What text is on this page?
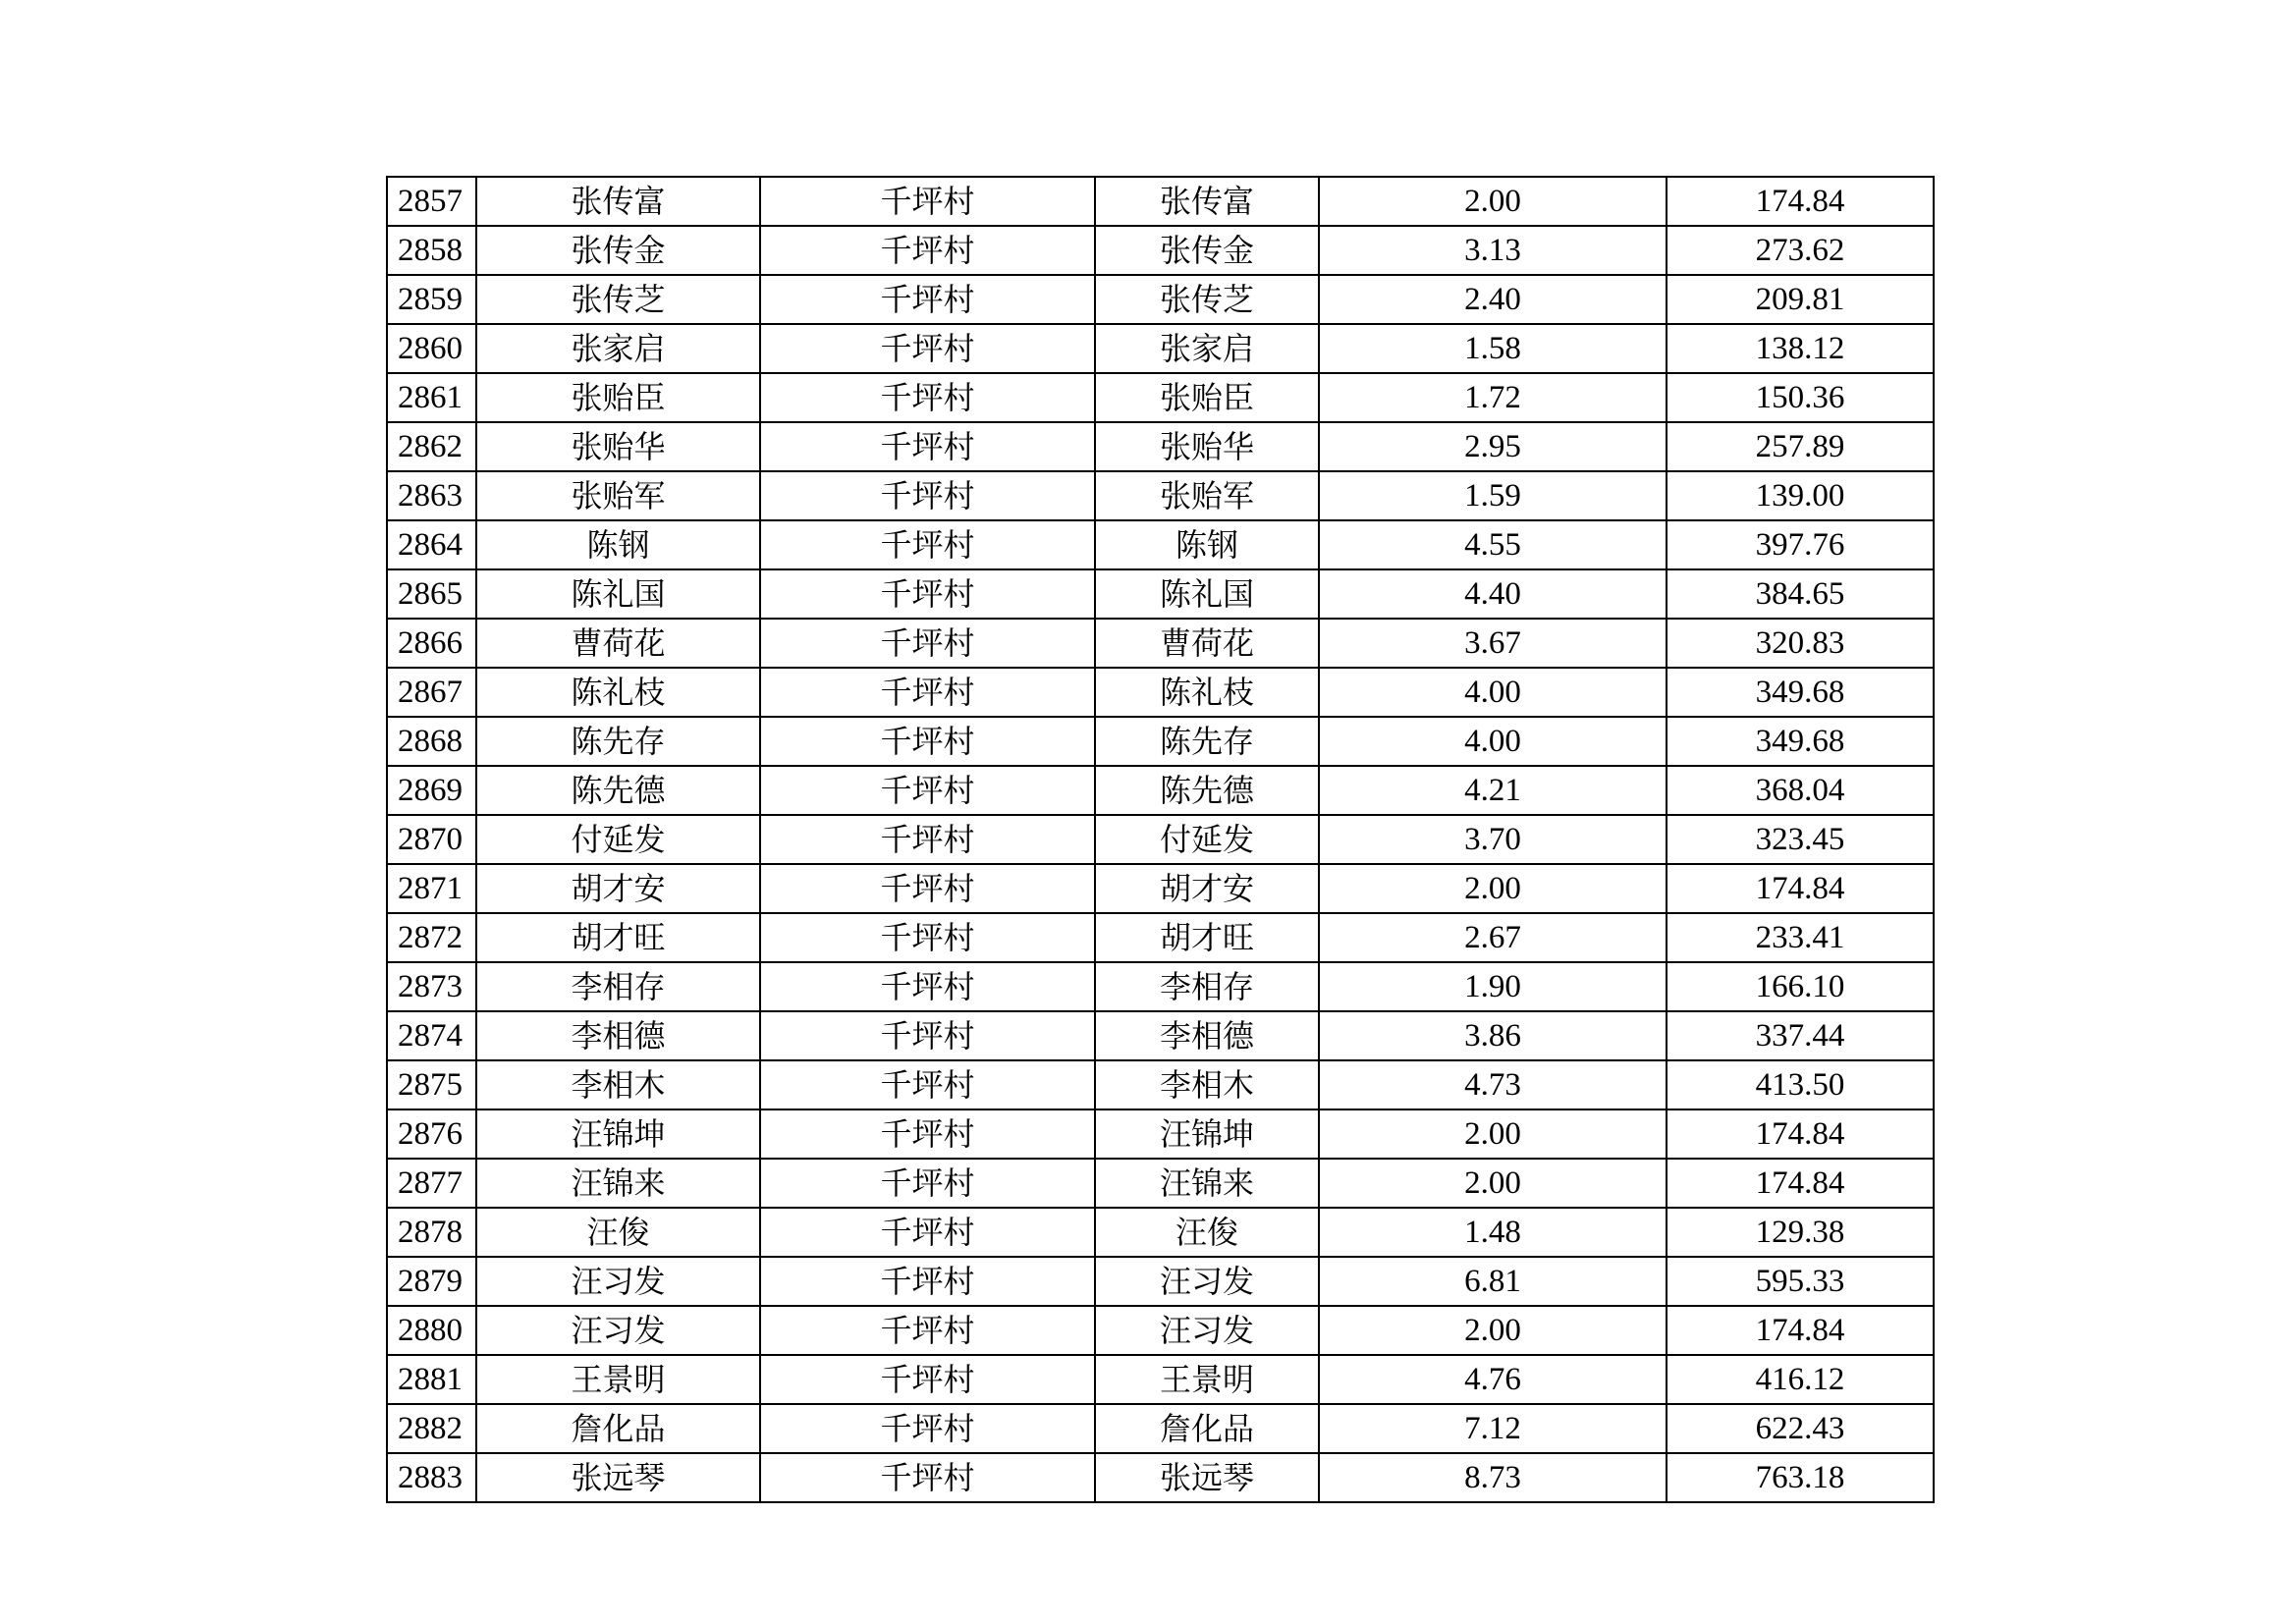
2857	张传富	千坪村	张传富	2.00	174.84
2858	张传金	千坪村	张传金	3.13	273.62
2859	张传芝	千坪村	张传芝	2.40	209.81
2860	张家启	千坪村	张家启	1.58	138.12
2861	张贻臣	千坪村	张贻臣	1.72	150.36
2862	张贻华	千坪村	张贻华	2.95	257.89
2863	张贻军	千坪村	张贻军	1.59	139.00
2864	陈钢	千坪村	陈钢	4.55	397.76
2865	陈礼国	千坪村	陈礼国	4.40	384.65
2866	曹荷花	千坪村	曹荷花	3.67	320.83
2867	陈礼枝	千坪村	陈礼枝	4.00	349.68
2868	陈先存	千坪村	陈先存	4.00	349.68
2869	陈先德	千坪村	陈先德	4.21	368.04
2870	付延发	千坪村	付延发	3.70	323.45
2871	胡才安	千坪村	胡才安	2.00	174.84
2872	胡才旺	千坪村	胡才旺	2.67	233.41
2873	李相存	千坪村	李相存	1.90	166.10
2874	李相德	千坪村	李相德	3.86	337.44
2875	李相木	千坪村	李相木	4.73	413.50
2876	汪锦坤	千坪村	汪锦坤	2.00	174.84
2877	汪锦来	千坪村	汪锦来	2.00	174.84
2878	汪俊	千坪村	汪俊	1.48	129.38
2879	汪习发	千坪村	汪习发	6.81	595.33
2880	汪习发	千坪村	汪习发	2.00	174.84
2881	王景明	千坪村	王景明	4.76	416.12
2882	詹化品	千坪村	詹化品	7.12	622.43
2883	张远琴	千坪村	张远琴	8.73	763.18
